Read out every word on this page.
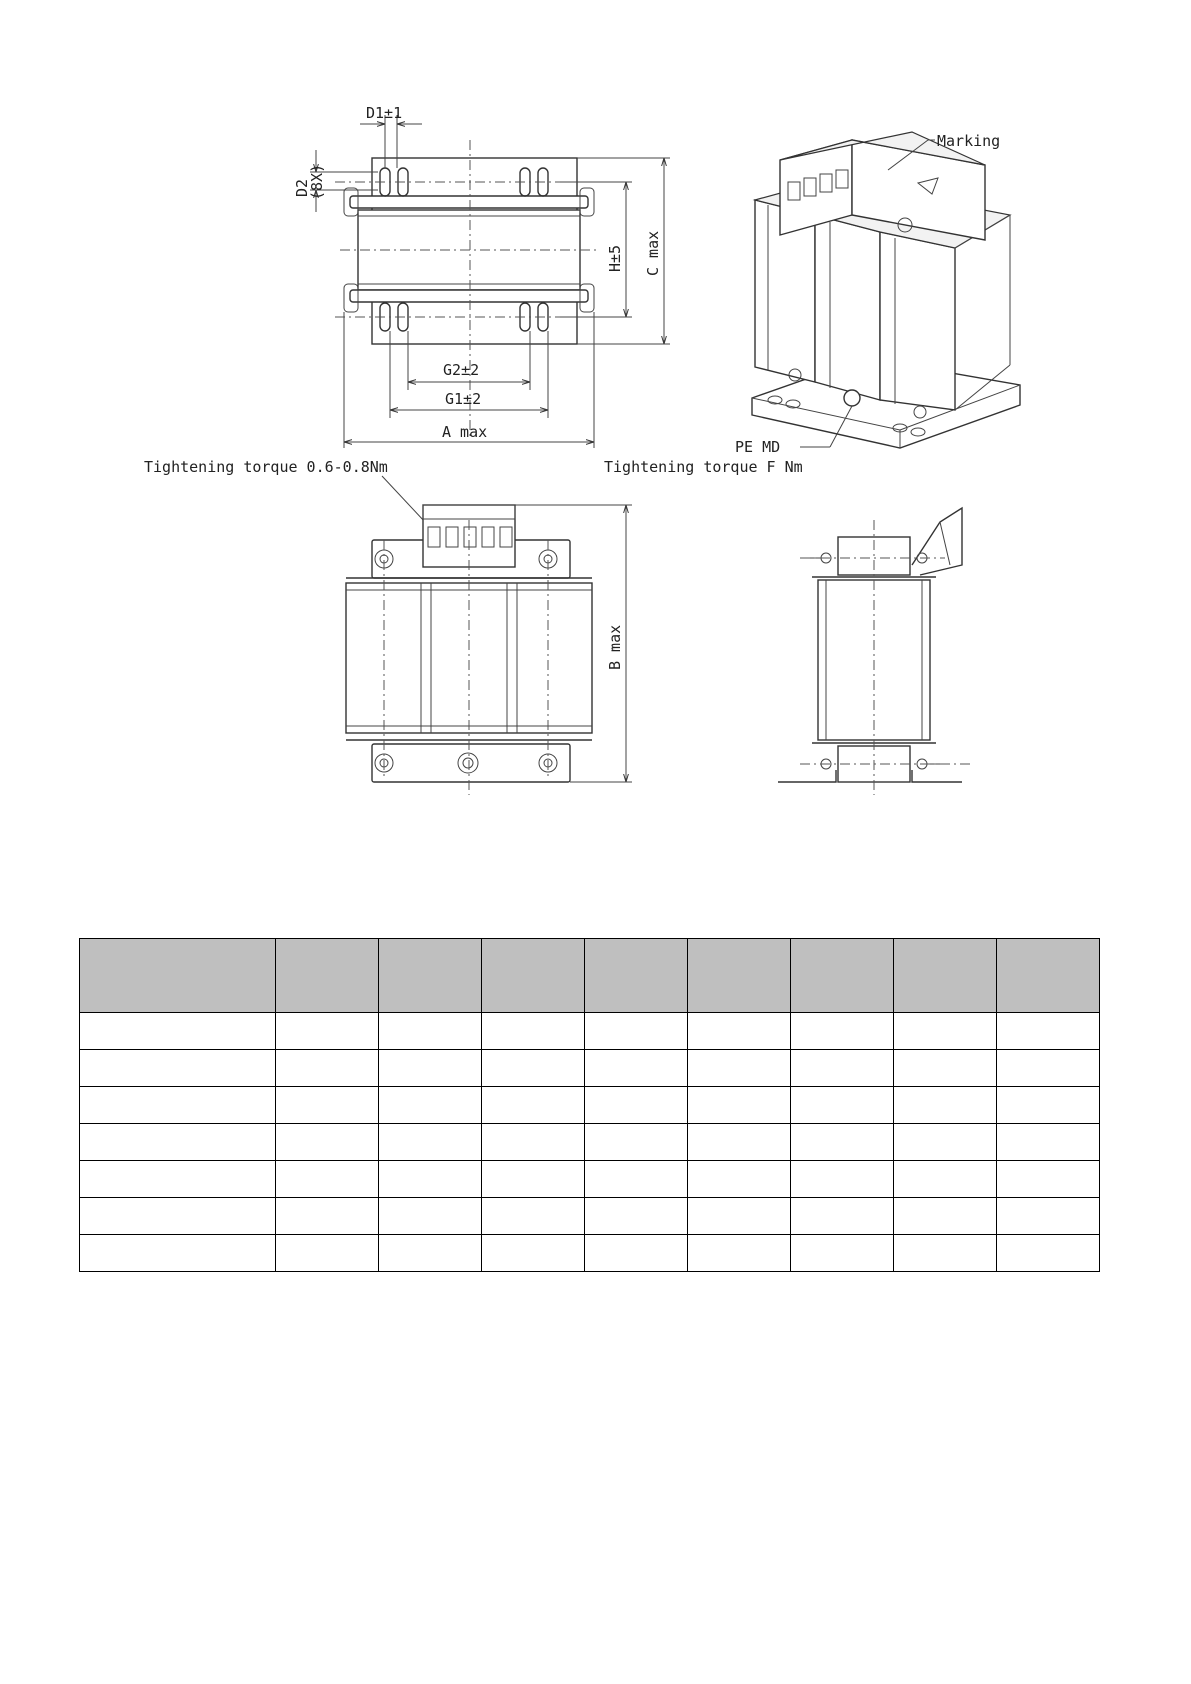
D1±1
D2
(8X)
H±5 C max
G2±2
G1±2
A max
Marking
PE MD
Tightening torque F Nm
Tightening torque 0.6-0.8Nm
B max
